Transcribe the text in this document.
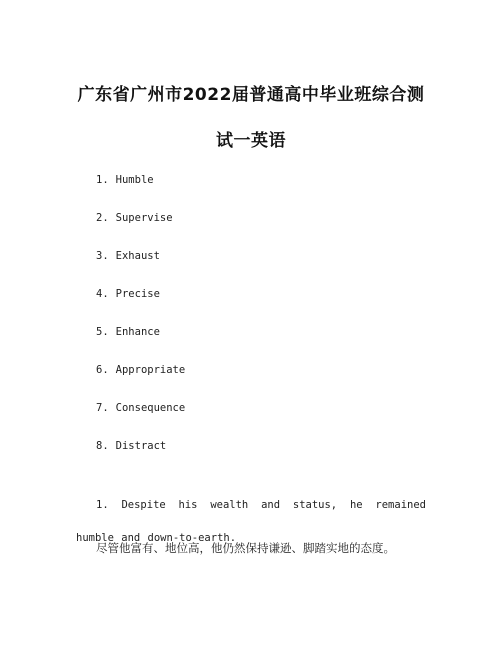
广东省广州市2022届普通高中毕业班综合测
试一英语
1. Humble
2. Supervise
3. Exhaust
4. Precise
5. Enhance
6. Appropriate
7. Consequence
8. Distract

1. Despite his wealth and status, he remained humble and down-to-earth.

尽管他富有、地位高，他仍然保持谦逊、脚踏实地的态度。
